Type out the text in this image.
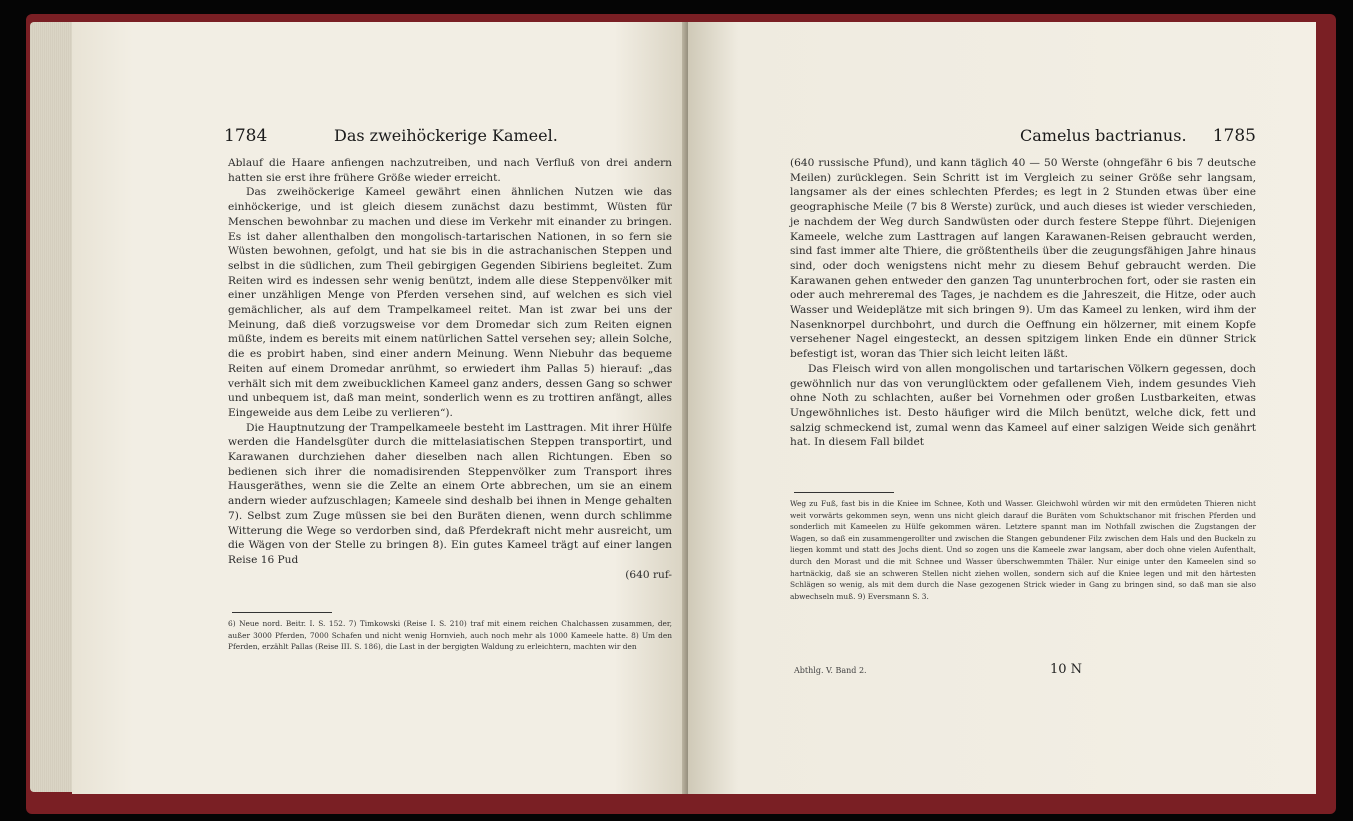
1784	Das zweihöckerige Kameel.

Ablauf die Haare anfiengen nachzutreiben, und nach Verfluß von drei andern hatten sie erst ihre frühere Größe wieder erreicht.

Das zweihöckerige Kameel gewährt einen ähnlichen Nutzen wie das einhöckerige, und ist gleich diesem zunächst dazu bestimmt, Wüsten für Menschen bewohnbar zu machen und diese im Verkehr mit einander zu bringen. Es ist daher allenthalben den mongolisch-tartarischen Nationen, in so fern sie Wüsten bewohnen, gefolgt, und hat sie bis in die astrachanischen Steppen und selbst in die südlichen, zum Theil gebirgigen Gegenden Sibiriens begleitet. Zum Reiten wird es indessen sehr wenig benützt, indem alle diese Steppenvölker mit einer unzähligen Menge von Pferden versehen sind, auf welchen es sich viel gemächlicher, als auf dem Trampelkameel reitet. Man ist zwar bei uns der Meinung, daß dieß vorzugsweise vor dem Dromedar sich zum Reiten eignen müßte, indem es bereits mit einem natürlichen Sattel versehen sey; allein Solche, die es probirt haben, sind einer andern Meinung. Wenn Niebuhr das bequeme Reiten auf einem Dromedar anrühmt, so erwiedert ihm Pallas 5) hierauf: „das verhält sich mit dem zweibucklichen Kameel ganz anders, dessen Gang so schwer und unbequem ist, daß man meint, sonderlich wenn es zu trottiren anfängt, alles Eingeweide aus dem Leibe zu verlieren“).

Die Hauptnutzung der Trampelkameele besteht im Lasttragen. Mit ihrer Hülfe werden die Handelsgüter durch die mittelasiatischen Steppen transportirt, und Karawanen durchziehen daher dieselben nach allen Richtungen. Eben so bedienen sich ihrer die nomadisirenden Steppenvölker zum Transport ihres Hausgeräthes, wenn sie die Zelte an einem Orte abbrechen, um sie an einem andern wieder aufzuschlagen; Kameele sind deshalb bei ihnen in Menge gehalten 7). Selbst zum Zuge müssen sie bei den Buräten dienen, wenn durch schlimme Witterung die Wege so verdorben sind, daß Pferdekraft nicht mehr ausreicht, um die Wägen von der Stelle zu bringen 8). Ein gutes Kameel trägt auf einer langen Reise 16 Pud

(640 ruf-
6) Neue nord. Beitr. I. S. 152. 7) Timkowski (Reise I. S. 210) traf mit einem reichen Chalchassen zusammen, der, außer 3000 Pferden, 7000 Schafen und nicht wenig Hornvieh, auch noch mehr als 1000 Kameele hatte. 8) Um den Pferden, erzählt Pallas (Reise III. S. 186), die Last in der bergigten Waldung zu erleichtern, machten wir den
Camelus bactrianus. 1785

(640 russische Pfund), und kann täglich 40 — 50 Werste (ohngefähr 6 bis 7 deutsche Meilen) zurücklegen. Sein Schritt ist im Vergleich zu seiner Größe sehr langsam, langsamer als der eines schlechten Pferdes; es legt in 2 Stunden etwas über eine geographische Meile (7 bis 8 Werste) zurück, und auch dieses ist wieder verschieden, je nachdem der Weg durch Sandwüsten oder durch festere Steppe führt. Diejenigen Kameele, welche zum Lasttragen auf langen Karawanen-Reisen gebraucht werden, sind fast immer alte Thiere, die größtentheils über die zeugungsfähigen Jahre hinaus sind, oder doch wenigstens nicht mehr zu diesem Behuf gebraucht werden. Die Karawanen gehen entweder den ganzen Tag ununterbrochen fort, oder sie rasten ein oder auch mehreremal des Tages, je nachdem es die Jahreszeit, die Hitze, oder auch Wasser und Weideplätze mit sich bringen 9). Um das Kameel zu lenken, wird ihm der Nasenknorpel durchbohrt, und durch die Oeffnung ein hölzerner, mit einem Kopfe versehener Nagel eingesteckt, an dessen spitzigem linken Ende ein dünner Strick befestigt ist, woran das Thier sich leicht leiten läßt.

Das Fleisch wird von allen mongolischen und tartarischen Völkern gegessen, doch gewöhnlich nur das von verunglücktem oder gefallenem Vieh, indem gesundes Vieh ohne Noth zu schlachten, außer bei Vornehmen oder großen Lustbarkeiten, etwas Ungewöhnliches ist. Desto häufiger wird die Milch benützt, welche dick, fett und salzig schmeckend ist, zumal wenn das Kameel auf einer salzigen Weide sich genährt hat. In diesem Fall bildet

Weg zu Fuß, fast bis in die Kniee im Schnee, Koth und Wasser. Gleichwohl würden wir mit den ermüdeten Thieren nicht weit vorwärts gekommen seyn, wenn uns nicht gleich darauf die Buräten vom Schuktschanor mit frischen Pferden und sonderlich mit Kameelen zu Hülfe gekommen wären. Letztere spannt man im Nothfall zwischen die Zugstangen der Wagen, so daß ein zusammengerollter und zwischen die Stangen gebundener Filz zwischen dem Hals und den Buckeln zu liegen kommt und statt des Jochs dient. Und so zogen uns die Kameele zwar langsam, aber doch ohne vielen Aufenthalt, durch den Morast und die mit Schnee und Wasser überschwemmten Thäler. Nur einige unter den Kameelen sind so hartnäckig, daß sie an schweren Stellen nicht ziehen wollen, sondern sich auf die Kniee legen und mit den härtesten Schlägen so wenig, als mit dem durch die Nase gezogenen Strick wieder in Gang zu bringen sind, so daß man sie also abwechseln muß. 9) Eversmann S. 3.
Abthlg. V. Band 2.	10 N
